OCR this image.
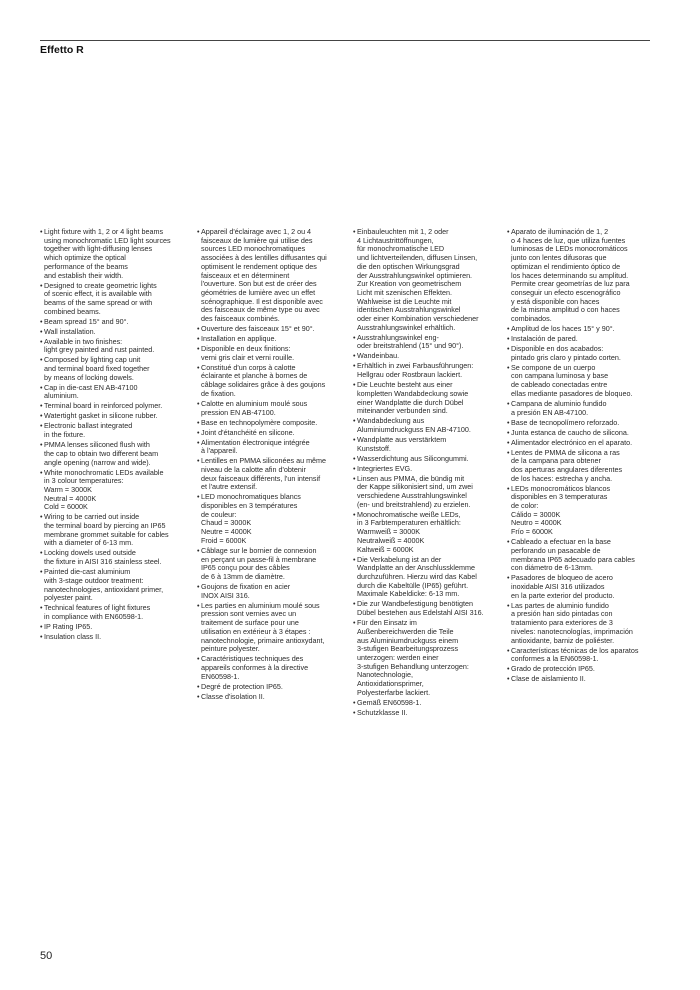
Effetto R
• Light fixture with 1, 2 or 4 light beams
using monochromatic LED light sources
together with light-diffusing lenses
which optimize the optical
performance of the beams
and establish their width.
• Designed to create geometric lights
of scenic effect, it is available with
beams of the same spread or with
combined beams.
• Beam spread 15° and 90°.
• Wall installation.
• Available in two finishes:
light grey painted and rust painted.
• Composed by lighting cap unit
and terminal board fixed together
by means of locking dowels.
• Cap in die-cast EN AB-47100
aluminium.
• Terminal board in reinforced polymer.
• Watertight gasket in silicone rubber.
• Electronic ballast integrated
in the fixture.
• PMMA lenses siliconed flush with
the cap to obtain two different beam
angle opening (narrow and wide).
• White monochromatic LEDs available
in 3 colour temperatures:
Warm = 3000K
Neutral = 4000K
Cold = 6000K
• Wiring to be carried out inside
the terminal board by piercing an IP65
membrane grommet suitable for cables
with a diameter of 6-13 mm.
• Locking dowels used outside
the fixture in AISI 316 stainless steel.
• Painted die-cast aluminium
with 3-stage outdoor treatment:
nanotechnologies, antioxidant primer,
polyester paint.
• Technical features of light fixtures
in compliance with EN60598-1.
• IP Rating IP65.
• Insulation class II.
• Appareil d'éclairage avec 1, 2 ou 4
faisceaux de lumière qui utilise des
sources LED monochromatiques
associées à des lentilles diffusantes qui
optimisent le rendement optique des
faisceaux et en déterminent
l'ouverture. Son but est de créer des
géométries de lumière avec un effet
scénographique. Il est disponible avec
des faisceaux de même type ou avec
des faisceaux combinés.
• Ouverture des faisceaux 15° et 90°.
• Installation en applique.
• Disponible en deux finitions:
verni gris clair et verni rouille.
• Constitué d'un corps à calotte
éclairante et planche à bornes de
câblage solidaires grâce à des goujons
de fixation.
• Calotte en aluminium moulé sous
pression EN AB-47100.
• Base en technopolymère composite.
• Joint d'étanchéité en silicone.
• Alimentation électronique intégrée
à l'appareil.
• Lentilles en PMMA siliconées au même
niveau de la calotte afin d'obtenir
deux faisceaux différents, l'un intensif
et l'autre extensif.
• LED monochromatiques blancs
disponibles en 3 températures
de couleur:
Chaud = 3000K
Neutre = 4000K
Froid = 6000K
• Câblage sur le bornier de connexion
en perçant un passe-fil à membrane
IP65 conçu pour des câbles
de 6 à 13mm de diamètre.
• Goujons de fixation en acier
INOX AISI 316.
• Les parties en aluminium moulé sous
pression sont vernies avec un
traitement de surface pour une
utilisation en extérieur à 3 étapes :
nanotechnologie, primaire antioxydant,
peinture polyester.
• Caractéristiques techniques des
appareils conformes à la directive
EN60598-1.
• Degré de protection IP65.
• Classe d'isolation II.
• Einbauleuchten mit 1, 2 oder
4 Lichtaustrittöffnungen,
für monochromatische LED
und lichtverteilenden, diffusen Linsen,
die den optischen Wirkungsgrad
der Ausstrahlungswinkel optimieren.
Zur Kreation von geometrischem
Licht mit szenischen Effekten.
Wahlweise ist die Leuchte mit
identischen Ausstrahlungswinkel
oder einer Kombination verschiedener
Ausstrahlungswinkel erhältlich.
• Ausstrahlungswinkel eng-
oder breitstrahlend (15° und 90°).
• Wandeinbau.
• Erhältlich in zwei Farbausführungen:
Hellgrau oder Rostbraun lackiert.
• Die Leuchte besteht aus einer
kompletten Wandabdeckung sowie
einer Wandplatte die durch Dübel
miteinander verbunden sind.
• Wandabdeckung aus
Aluminiumdruckguss EN AB-47100.
• Wandplatte aus verstärktem
Kunststoff.
• Wasserdichtung aus Silicongummi.
• Integriertes EVG.
• Linsen aus PMMA, die bündig mit
der Kappe silikonisiert sind, um zwei
verschiedene Ausstrahlungswinkel
(en- und breitstrahlend) zu erzielen.
• Monochromatische weiße LEDs,
in 3 Farbtemperaturen erhältlich:
Warmweiß = 3000K
Neutralweiß = 4000K
Kaltweiß = 6000K
• Die Verkabelung ist an der
Wandplatte an der Anschlussklemme
durchzuführen. Hierzu wird das Kabel
durch die Kabeltülle (IP65) geführt.
Maximale Kabeldicke: 6-13 mm.
• Die zur Wandbefestigung benötigten
Dübel bestehen aus Edelstahl AISI 316.
• Für den Einsatz im
Außenbereichwerden die Teile
aus Aluminiumdruckguss einem
3-stufigen Bearbeitungsprozess
unterzogen: werden einer
3-stufigen Behandlung unterzogen:
Nanotechnologie,
Antioxidationsprimer,
Polyesterfarbe lackiert.
• Gemäß EN60598-1.
• Schutzklasse II.
• Aparato de iluminación de 1, 2
o 4 haces de luz, que utiliza fuentes
luminosas de LEDs monocromáticos
junto con lentes difusoras que
optimizan el rendimiento óptico de
los haces determinando su amplitud.
Permite crear geometrías de luz para
conseguir un efecto escenográfico
y está disponible con haces
de la misma amplitud o con haces
combinados.
• Amplitud de los haces 15° y 90°.
• Instalación de pared.
• Disponible en dos acabados:
pintado gris claro y pintado corten.
• Se compone de un cuerpo
con campana luminosa y base
de cableado conectadas entre
ellas mediante pasadores de bloqueo.
• Campana de aluminio fundido
a presión EN AB-47100.
• Base de tecnopolímero reforzado.
• Junta estanca de caucho de silicona.
• Alimentador electrónico en el aparato.
• Lentes de PMMA de silicona a ras
de la campana para obtener
dos aperturas angulares diferentes
de los haces: estrecha y ancha.
• LEDs monocromáticos blancos
disponibles en 3 temperaturas
de color:
Cálido = 3000K
Neutro = 4000K
Frío = 6000K
• Cableado a efectuar en la base
perforando un pasacable de
membrana IP65 adecuado para cables
con diámetro de 6-13mm.
• Pasadores de bloqueo de acero
inoxidable AISI 316 utilizados
en la parte exterior del producto.
• Las partes de aluminio fundido
a presión han sido pintadas con
tratamiento para exteriores de 3
niveles: nanotecnologías, imprimación
antioxidante, barniz de poliéster.
• Características técnicas de los aparatos
conformes a la EN60598-1.
• Grado de protección IP65.
• Clase de aislamiento II.
50
